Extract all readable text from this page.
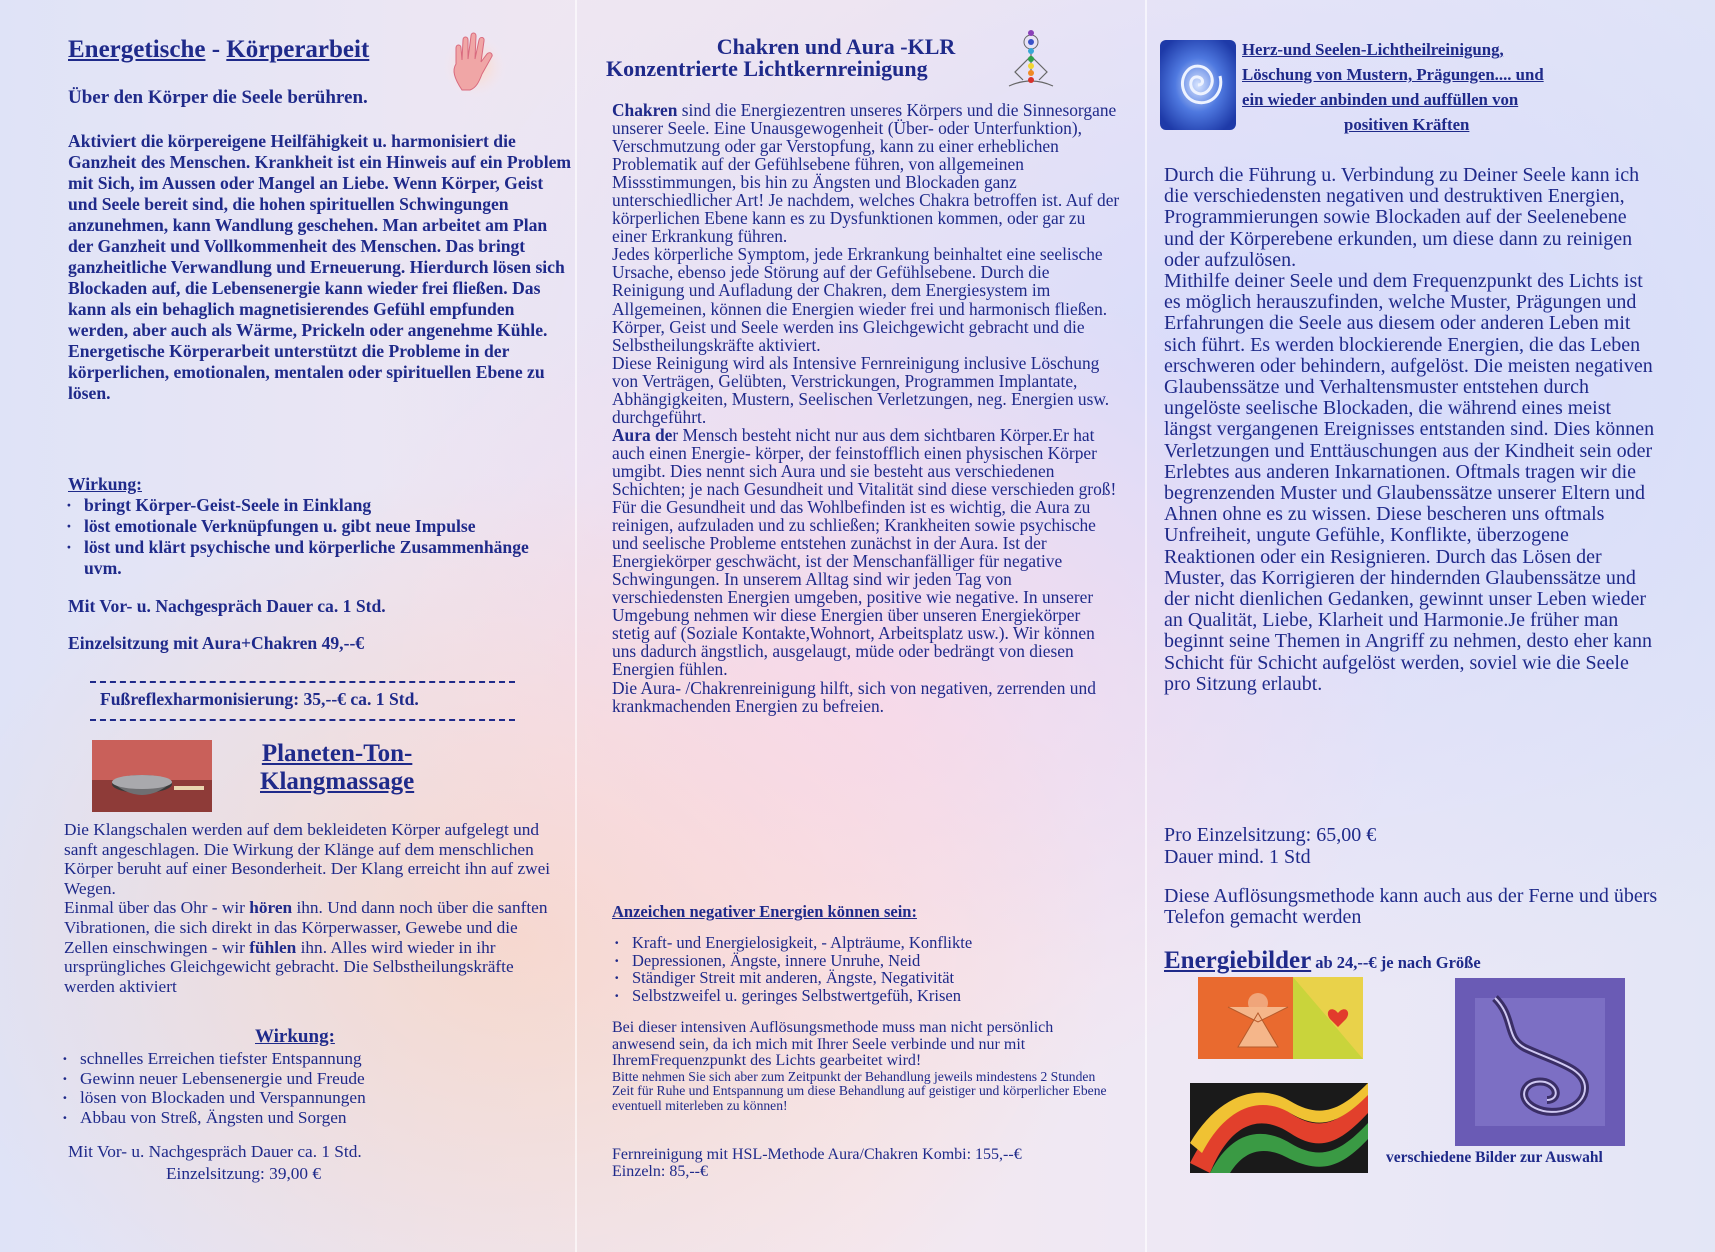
Energetische - Körperarbeit
Über den Körper die Seele berühren.
Aktiviert die körpereigene Heilfähigkeit u. harmonisiert die Ganzheit des Menschen. Krankheit ist ein Hinweis auf ein Problem mit Sich, im Aussen oder Mangel an Liebe. Wenn Körper, Geist und Seele bereit sind, die hohen spirituellen Schwingungen anzunehmen, kann Wandlung geschehen. Man arbeitet am Plan der Ganzheit und Vollkommenheit des Menschen. Das bringt ganzheitliche Verwandlung und Erneuerung. Hierdurch lösen sich Blockaden auf, die Lebensenergie kann wieder frei fließen. Das kann als ein behaglich magnetisierendes Gefühl empfunden werden, aber auch als Wärme, Prickeln oder angenehme Kühle. Energetische Körperarbeit unterstützt die Probleme in der körperlichen, emotionalen, mentalen oder spirituellen Ebene zu lösen.
Wirkung:
· bringt Körper-Geist-Seele in Einklang
· löst emotionale Verknüpfungen u. gibt neue Impulse
· löst und klärt psychische und körperliche Zusammenhänge uvm.
Mit Vor- u. Nachgespräch Dauer ca. 1 Std.
Einzelsitzung mit Aura+Chakren 49,--€
Fußreflexharmonisierung: 35,--€ ca. 1 Std.
Planeten-Ton-
Klangmassage
Die Klangschalen werden auf dem bekleideten Körper aufgelegt und sanft angeschlagen. Die Wirkung der Klänge auf dem menschlichen Körper beruht auf einer Besonderheit. Der Klang erreicht ihn auf zwei Wegen.
Einmal über das Ohr - wir hören ihn. Und dann noch über die sanften Vibrationen, die sich direkt in das Körperwasser, Gewebe und die Zellen einschwingen - wir fühlen ihn. Alles wird wieder in ihr ursprüngliches Gleichgewicht gebracht. Die Selbstheilungskräfte werden aktiviert
Wirkung:
· schnelles Erreichen tiefster Entspannung
· Gewinn neuer Lebensenergie und Freude
· lösen von Blockaden und Verspannungen
· Abbau von Streß, Ängsten und Sorgen
Mit Vor- u. Nachgespräch Dauer ca. 1 Std.
Einzelsitzung: 39,00 €
Chakren und Aura -KLR
Konzentrierte Lichtkernreinigung
Chakren sind die Energiezentren unseres Körpers und die Sinnesorgane unserer Seele. Eine Unausgewogenheit (Über- oder Unterfunktion), Verschmutzung oder gar Verstopfung, kann zu einer erheblichen Problematik auf der Gefühlsebene führen, von allgemeinen Missstimmungen, bis hin zu Ängsten und Blockaden ganz unterschiedlicher Art! Je nachdem, welches Chakra betroffen ist. Auf der körperlichen Ebene kann es zu Dysfunktionen kommen, oder gar zu einer Erkrankung führen.
Jedes körperliche Symptom, jede Erkrankung beinhaltet eine seelische Ursache, ebenso jede Störung auf der Gefühlsebene. Durch die Reinigung und Aufladung der Chakren, dem Energiesystem im Allgemeinen, können die Energien wieder frei und harmonisch fließen. Körper, Geist und Seele werden ins Gleichgewicht gebracht und die Selbstheilungskräfte aktiviert.
Diese Reinigung wird als Intensive Fernreinigung inclusive Löschung von Verträgen, Gelübten, Verstrickungen, Programmen Implantate, Abhängigkeiten, Mustern, Seelischen Verletzungen, neg. Energien usw. durchgeführt.
Aura der Mensch besteht nicht nur aus dem sichtbaren Körper.Er hat auch einen Energie- körper, der feinstofflich einen physischen Körper umgibt. Dies nennt sich Aura und sie besteht aus verschiedenen Schichten; je nach Gesundheit und Vitalität sind diese verschieden groß! Für die Gesundheit und das Wohlbefinden ist es wichtig, die Aura zu reinigen, aufzuladen und zu schließen; Krankheiten sowie psychische und seelische Probleme entstehen zunächst in der Aura. Ist der Energiekörper geschwächt, ist der Menschanfälliger für negative Schwingungen. In unserem Alltag sind wir jeden Tag von verschiedensten Energien umgeben, positive wie negative. In unserer Umgebung nehmen wir diese Energien über unseren Energiekörper stetig auf (Soziale Kontakte,Wohnort, Arbeitsplatz usw.). Wir können uns dadurch ängstlich, ausgelaugt, müde oder bedrängt von diesen Energien fühlen.
Die Aura- /Chakrenreinigung hilft, sich von negativen, zerrenden und krankmachenden Energien zu befreien.
Anzeichen negativer Energien können sein:
· Kraft- und Energielosigkeit, - Alpträume, Konflikte
· Depressionen, Ängste, innere Unruhe, Neid
· Ständiger Streit mit anderen, Ängste, Negativität
· Selbstzweifel u. geringes Selbstwertgefüh, Krisen
Bei dieser intensiven Auflösungsmethode muss man nicht persönlich anwesend sein, da ich mich mit Ihrer Seele verbinde und nur mit IhremFrequenzpunkt des Lichts gearbeitet wird!
Bitte nehmen Sie sich aber zum Zeitpunkt der Behandlung jeweils mindestens 2 Stunden Zeit für Ruhe und Entspannung um diese Behandlung auf geistiger und körperlicher Ebene eventuell miterleben zu können!
Fernreinigung mit HSL-Methode Aura/Chakren Kombi: 155,--€
Einzeln: 85,--€
Herz-und Seelen-Lichtheilreinigung,
Löschung von Mustern, Prägungen.... und
ein wieder anbinden und auffüllen von
positiven Kräften
Durch die Führung u. Verbindung zu Deiner Seele kann ich die verschiedensten negativen und destruktiven Energien, Programmierungen sowie Blockaden auf der Seelenebene und der Körperebene erkunden, um diese dann zu reinigen oder aufzulösen.
Mithilfe deiner Seele und dem Frequenzpunkt des Lichts ist es möglich herauszufinden, welche Muster, Prägungen und Erfahrungen die Seele aus diesem oder anderen Leben mit sich führt. Es werden blockierende Energien, die das Leben erschweren oder behindern, aufgelöst. Die meisten negativen Glaubenssätze und Verhaltensmuster entstehen durch ungelöste seelische Blockaden, die während eines meist längst vergangenen Ereignisses entstanden sind. Dies können Verletzungen und Enttäuschungen aus der Kindheit sein oder Erlebtes aus anderen Inkarnationen. Oftmals tragen wir die begrenzenden Muster und Glaubenssätze unserer Eltern und Ahnen ohne es zu wissen. Diese bescheren uns oftmals Unfreiheit, ungute Gefühle, Konflikte, überzogene Reaktionen oder ein Resignieren. Durch das Lösen der Muster, das Korrigieren der hindernden Glaubenssätze und der nicht dienlichen Gedanken, gewinnt unser Leben wieder an Qualität, Liebe, Klarheit und Harmonie.Je früher man beginnt seine Themen in Angriff zu nehmen, desto eher kann Schicht für Schicht aufgelöst werden, soviel wie die Seele pro Sitzung erlaubt.
Pro Einzelsitzung: 65,00 €
Dauer mind. 1 Std
Diese Auflösungsmethode kann auch aus der Ferne und übers Telefon gemacht werden
Energiebilder ab 24,--€ je nach Größe
verschiedene Bilder zur Auswahl
